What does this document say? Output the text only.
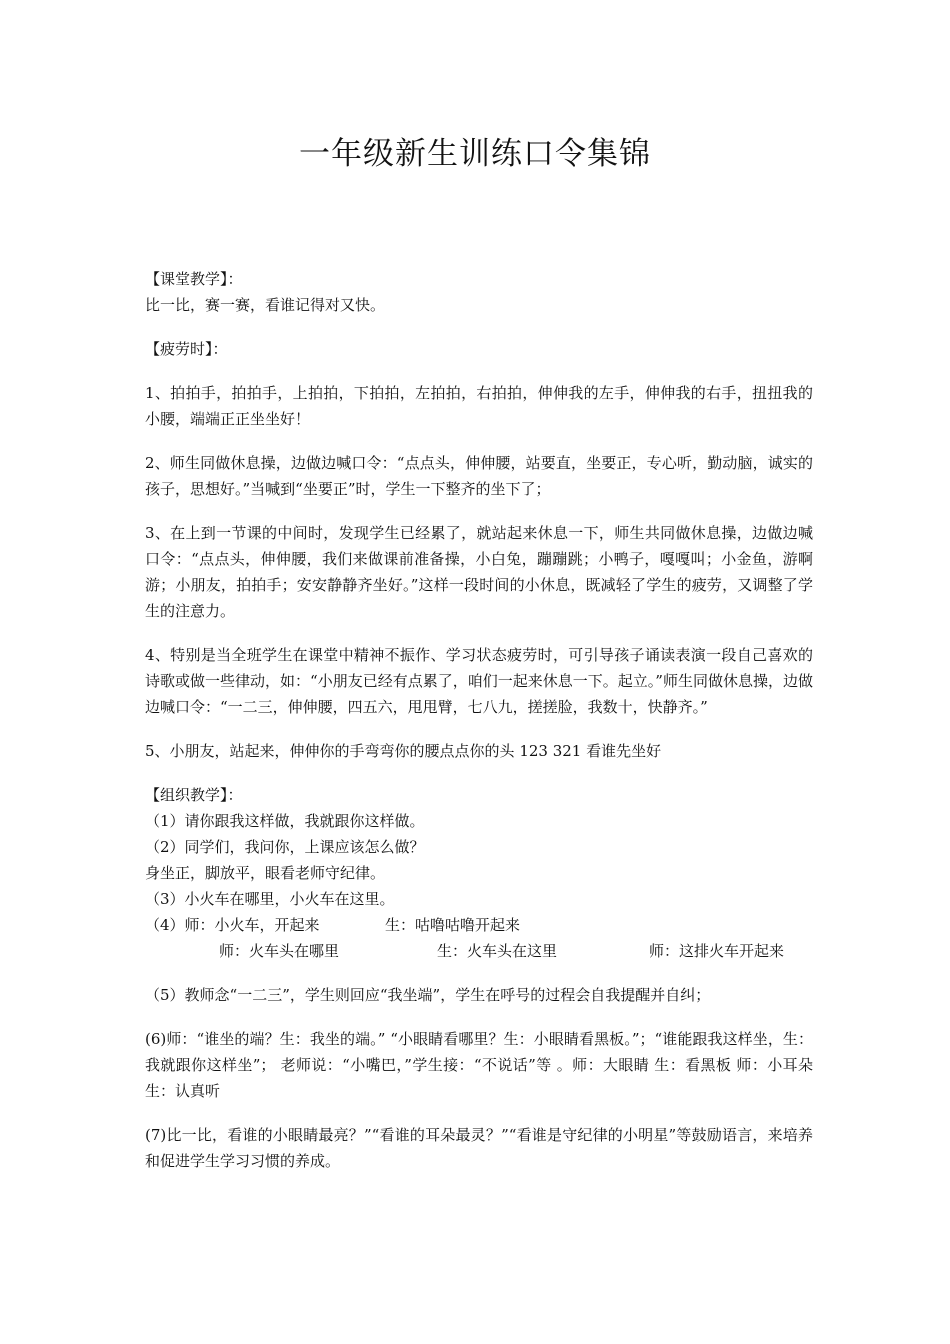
一年级新生训练口令集锦

【课堂教学】：

比一比，赛一赛，看谁记得对又快。

【疲劳时】：

1、拍拍手，拍拍手，上拍拍，下拍拍，左拍拍，右拍拍，伸伸我的左手，伸伸我的右手，扭扭我的小腰，端端正正坐坐好！

2、师生同做休息操，边做边喊口令：“点点头，伸伸腰，站要直，坐要正，专心听，勤动脑，诚实的孩子，思想好。”当喊到“坐要正”时，学生一下整齐的坐下了；

3、在上到一节课的中间时，发现学生已经累了，就站起来休息一下，师生共同做休息操，边做边喊口令：“点点头，伸伸腰，我们来做课前准备操，小白兔，蹦蹦跳；小鸭子，嘎嘎叫；小金鱼，游啊游；小朋友，拍拍手；安安静静齐坐好。”这样一段时间的小休息，既减轻了学生的疲劳，又调整了学生的注意力。

4、特别是当全班学生在课堂中精神不振作、学习状态疲劳时，可引导孩子诵读表演一段自己喜欢的诗歌或做一些律动，如：“小朋友已经有点累了，咱们一起来休息一下。起立。”师生同做休息操，边做边喊口令：“一二三，伸伸腰，四五六，甩甩臂，七八九，搓搓脸，我数十，快静齐。”

5、小朋友，站起来，伸伸你的手弯弯你的腰点点你的头 123 321 看谁先坐好

【组织教学】：

（1）请你跟我这样做，我就跟你这样做。

（2）同学们，我问你，上课应该怎么做？

身坐正，脚放平，眼看老师守纪律。

（3）小火车在哪里，小火车在这里。

（4）师：小火车，开起来	生：咕噜咕噜开起来
师：火车头在哪里	生：火车头在这里	师：这排火车开起来

（5）教师念“一二三”，学生则回应“我坐端”，学生在呼号的过程会自我提醒并自纠；

(6)师：“谁坐的端？生：我坐的端。” “小眼睛看哪里？生：小眼睛看黑板。”；“谁能跟我这样坐，生：我就跟你这样坐”； 老师说：“小嘴巴，”学生接：“不说话”等 。师：大眼睛 生：看黑板 师：小耳朵 生：认真听

(7)比一比，看谁的小眼睛最亮？”“看谁的耳朵最灵？”“看谁是守纪律的小明星”等鼓励语言，来培养和促进学生学习习惯的养成。
